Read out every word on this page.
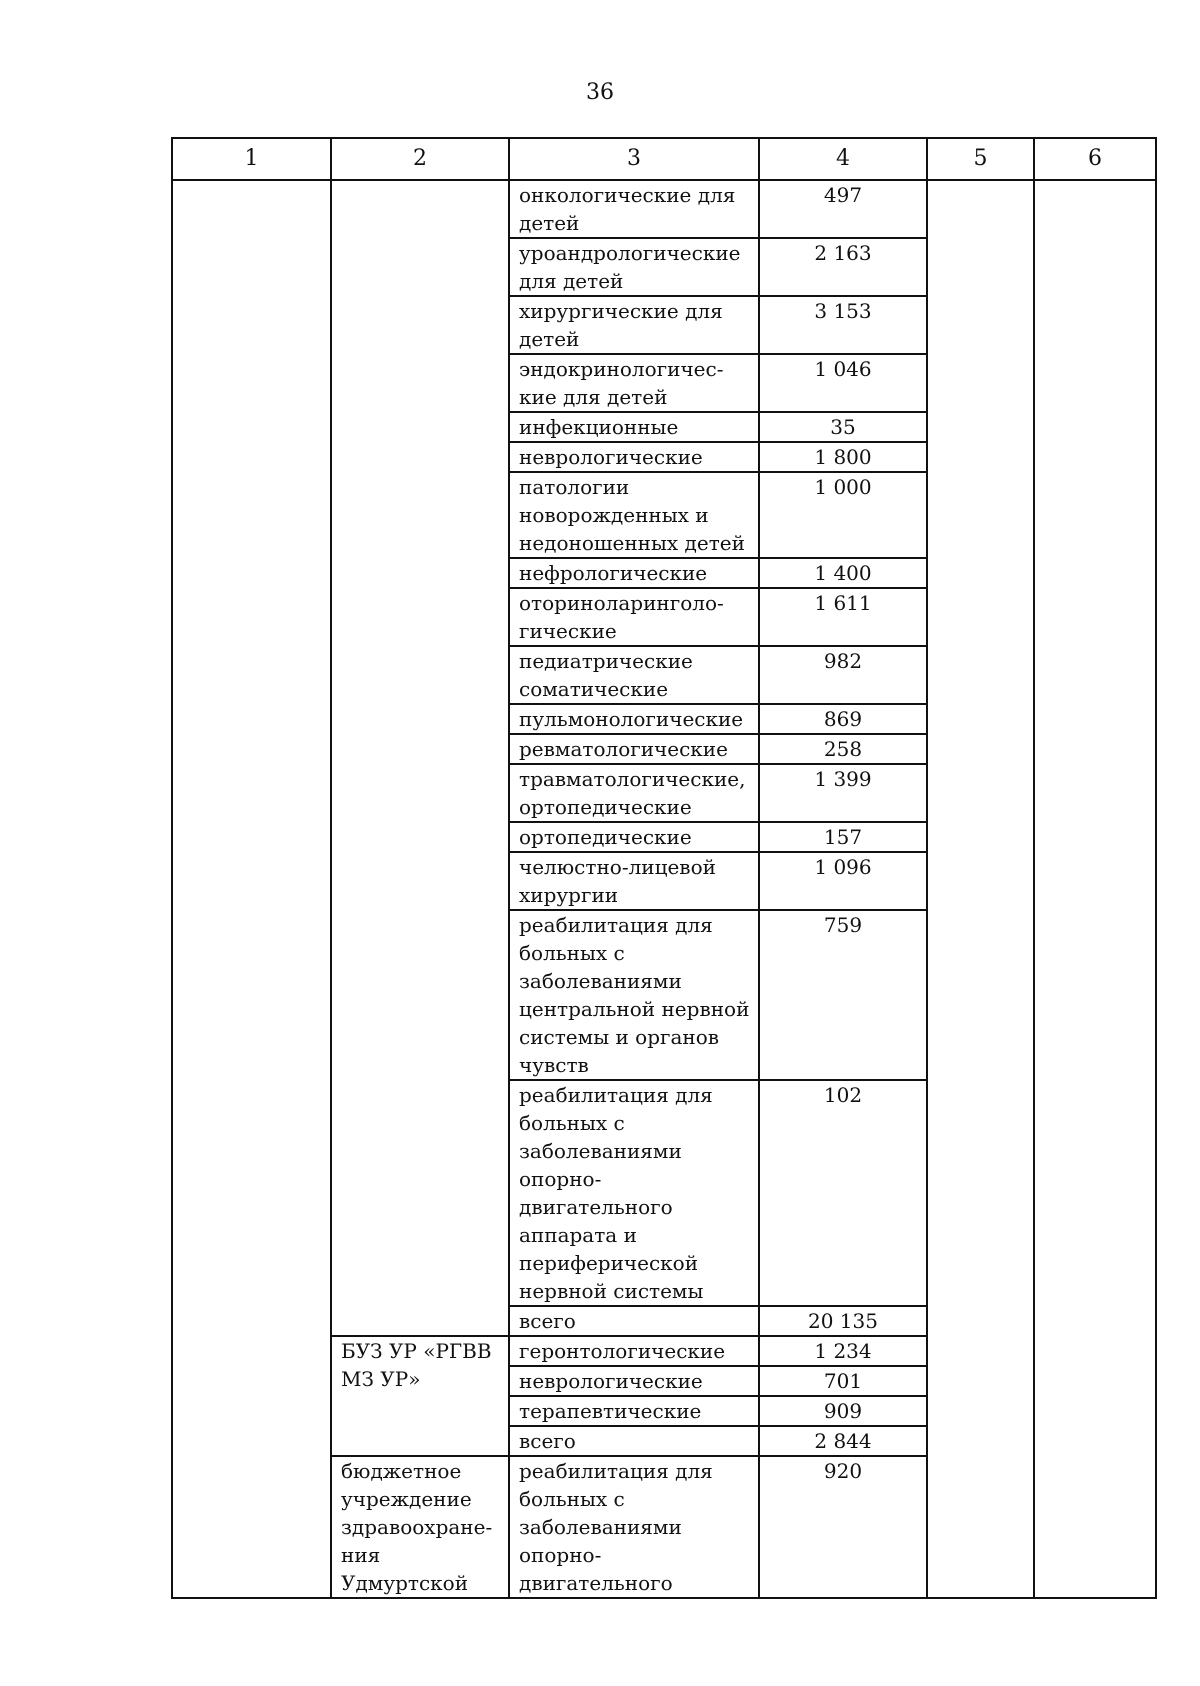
36
1	2	3	4	5	6
		онкологические для детей	497		
		уроандрологические для детей	2 163		
		хирургические для детей	3 153		
		эндокринологичес-кие для детей	1 046		
		инфекционные	35		
		неврологические	1 800		
		патологии новорожденных и недоношенных детей	1 000		
		нефрологические	1 400		
		оториноларинголо-гические	1 611		
		педиатрические соматические	982		
		пульмонологические	869		
		ревматологические	258		
		травматологические, ортопедические	1 399		
		ортопедические	157		
		челюстно-лицевой хирургии	1 096		
		реабилитация для больных с заболеваниями центральной нервной системы и органов чувств	759		
		реабилитация для больных с заболеваниями опорно-двигательного аппарата и периферической нервной системы	102		
		всего	20 135		
	БУЗ УР «РГВВ МЗ УР»	геронтологические	1 234		
		неврологические	701		
		терапевтические	909		
		всего	2 844		
	бюджетное учреждение здравоохране-ния Удмуртской	реабилитация для больных с заболеваниями опорно-двигательного	920		
